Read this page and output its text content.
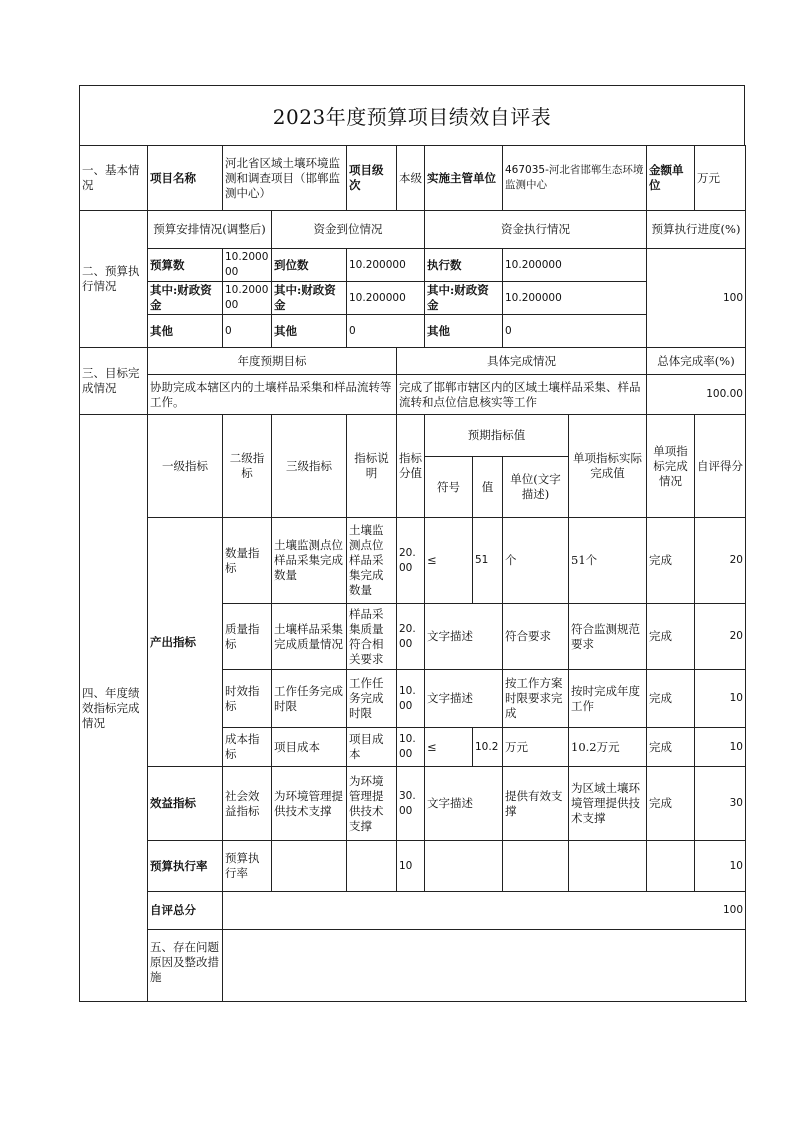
2023年度预算项目绩效自评表
一、基本情况	项目名称	河北省区域土壤环境监测和调查项目（邯郸监测中心）		项目级次	本级	实施主管单位		467035-河北省邯郸生态环境监测中心		金额单位	万元
二、预算执行情况	预算安排情况(调整后)		资金到位情况			资金执行情况				预算执行进度(%)	
	预算数	10.200000	到位数	10.200000		执行数		10.200000		100	
	其中:财政资金	10.200000	其中:财政资金	10.200000		其中:财政资金		10.200000			
	其他	0	其他	0		其他		0			
三、目标完成情况	年度预期目标				具体完成情况					总体完成率(%)	
	协助完成本辖区内的土壤样品采集和样品流转等工作。				完成了邯郸市辖区内的区域土壤样品采集、样品流转和点位信息核实等工作					100.00	
四、年度绩效指标完成情况	一级指标	二级指标	三级指标	指标说明	指标分值	预期指标值			单项指标实际完成值	单项指标完成情况	自评得分
						符号	值	单位(文字描述)			
	产出指标	数量指标	土壤监测点位样品采集完成数量	土壤监测点位样品采集完成数量	20.00	≤	51	个	51个	完成	20
		质量指标	土壤样品采集完成质量情况	样品采集质量符合相关要求	20.00	文字描述		符合要求	符合监测规范要求	完成	20
		时效指标	工作任务完成时限	工作任务完成时限	10.00	文字描述		按工作方案时限要求完成	按时完成年度工作	完成	10
		成本指标	项目成本	项目成本	10.00	≤	10.2	万元	10.2万元	完成	10
	效益指标	社会效益指标	为环境管理提供技术支撑	为环境管理提供技术支撑	30.00	文字描述		提供有效支撑	为区域土壤环境管理提供技术支撑	完成	30
	预算执行率	预算执行率			10						10
	自评总分	100									
	五、存在问题原因及整改措施										
